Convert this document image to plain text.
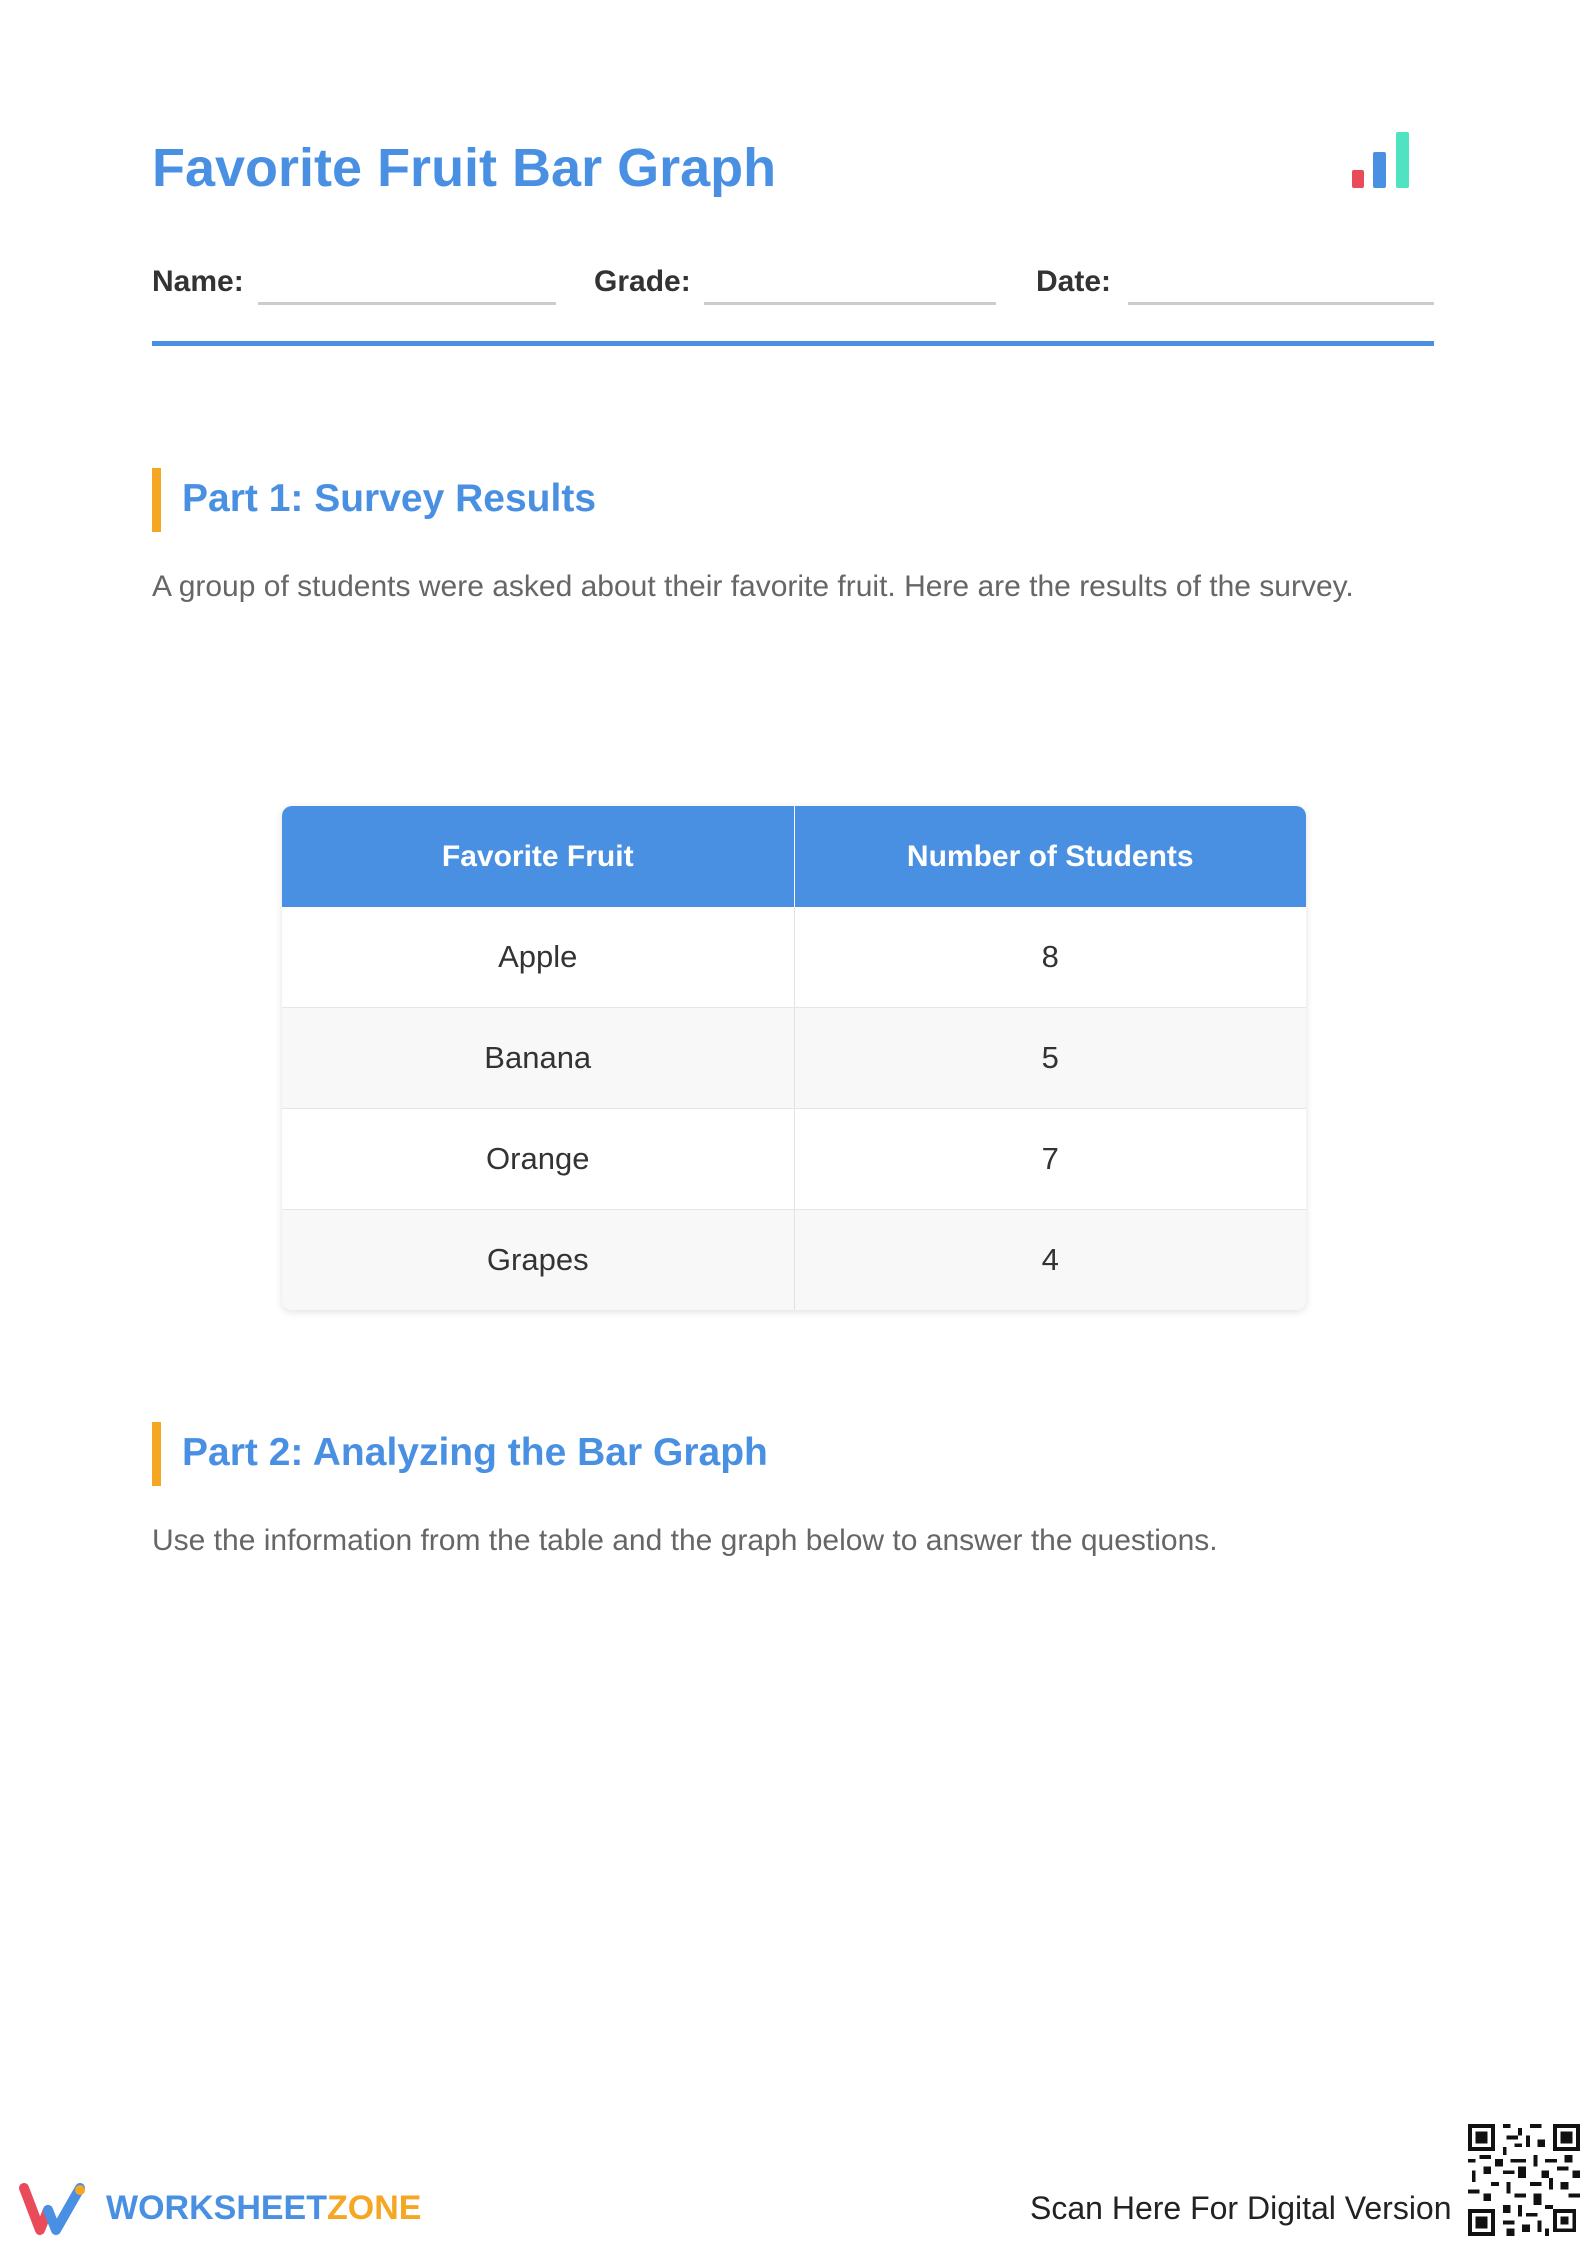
Favorite Fruit Bar Graph
Name:	Grade:	Date:
Part 1: Survey Results

A group of students were asked about their favorite fruit. Here are the results of the survey.

Favorite Fruit	Number of Students
Apple	8
Banana	5
Orange	7
Grapes	4
Part 2: Analyzing the Bar Graph

Use the information from the table and the graph below to answer the questions.

WORKSHEETZONE	Scan Here For Digital Version
